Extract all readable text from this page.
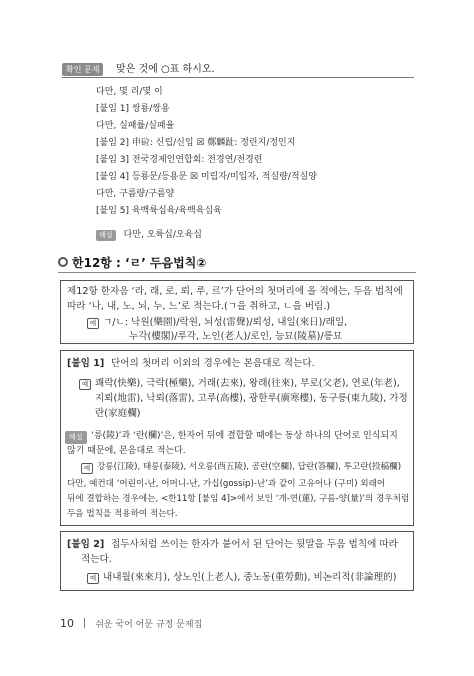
확인 문제	맞은 것에 ○표 하시오.
다만, 몇 리/몇 이
[붙임 1] 쌍룡/쌍용
다만, 실패률/실패율
[붙임 2] 申砬: 신립/신입 ☒ 鄭麟趾: 정린지/정인지
[붙임 3] 전국경제인연합회: 전경연/전경련
[붙임 4] 등룡문/등용문 ☒ 미립자/미입자, 적실량/적실양
다만, 구름량/구름양
[붙임 5] 육백륙십육/육백육십육
해설 다만, 오륙십/오육십
한12항 : ‘ㄹ’ 두음법칙②
제12항 한자음 ‘라, 래, 로, 뢰, 루, 르’가 단어의 첫머리에 올 적에는, 두음 법칙에
따라 ‘나, 내, 노, 뇌, 누, 느’로 적는다.(ㄱ을 취하고, ㄴ을 버림.)
예 ㄱ/ㄴ: 낙원(樂園)/락원, 뇌성(雷聲)/뢰성, 내일(來日)/래일,
누각(樓閣)/루각, 노인(老人)/로인, 능묘(陵墓)/릉묘
[붙임 1] 단어의 첫머리 이외의 경우에는 본음대로 적는다.
예 쾌락(快樂), 극락(極樂), 거래(去來), 왕래(往來), 부로(父老), 연로(年老),
지뢰(地雷), 낙뢰(落雷), 고루(高樓), 광한루(廣寒樓), 동구릉(東九陵), 가정
란(家庭欄)
해설 ‘릉(陵)’과 ‘란(欄)’은, 한자어 뒤에 결합할 때에는 동상 하나의 단어로 인식되지
않기 때문에, 본음대로 적는다.
예 강릉(江陵), 태릉(泰陵), 서오릉(西五陵), 공란(空欄), 답란(答欄), 투고란(投稿欄)
다만, 예컨대 ‘어린이-난, 어머니-난, 가십(gossip)-난’과 같이 고유어나 (구미) 외래어
뒤에 결합하는 경우에는, <한11항 [붙임 4]>에서 보인 ‘개-연(蓮), 구름-양(量)’의 경우처럼
두음 법칙을 적용하여 적는다.
[붙임 2] 접두사처럼 쓰이는 한자가 붙어서 된 단어는 뒷말을 두음 법칙에 따라
적는다.
예 내내월(來來月), 상노인(上老人), 중노동(重勞動), 비논리적(非論理的)
10 쉬운 국어 어문 규정 문제집
